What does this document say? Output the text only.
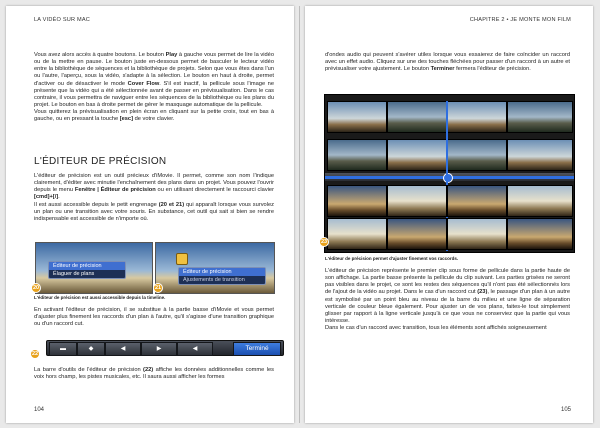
LA VIDÉO SUR MAC
Vous avez alors accès à quatre boutons. Le bouton Play à gauche vous permet de lire la vidéo ou de la mettre en pause. Le bouton juste en-dessous permet de basculer le lecteur vidéo entre la bibliothèque de séquences et la bibliothèque de projets. Selon que vous êtes dans l'un ou l'autre, l'aperçu, sous la vidéo, s'adapte à la sélection. Le bouton en haut à droite, permet d'activer ou de désactiver le mode Cover Flow. S'il est inactif, la pellicule sous l'image ne présente que la vidéo qui a été sélectionnée avant de passer en prévisualisation. Dans le cas contraire, il vous permettra de naviguer entre les séquences de la bibliothèque ou les plans du projet. Le bouton en bas à droite permet de gérer le masquage automatique de la pellicule.
Vous quitterez la prévisualisation en plein écran en cliquant sur la petite croix, tout en bas à gauche, ou en pressant la touche [esc] de votre clavier.
L'ÉDITEUR DE PRÉCISION
L'éditeur de précision est un outil précieux d'iMovie. Il permet, comme son nom l'indique clairement, d'éditer avec minutie l'enchaînement des plans dans un projet. Vous pouvez l'ouvrir depuis le menu Fenêtre | Éditeur de précision ou en utilisant directement le raccourci clavier [cmd]+[/].
Il est aussi accessible depuis le petit engrenage (20 et 21) qui apparaît lorsque vous survolez un plan ou une transition avec votre souris. En substance, cet outil qui sait si bien se rendre indispensable est accessible de n'importe où.
Éditeur de précision
Élaguer de plans
20
Éditeur de précision
Ajustements de transition
21
L'éditeur de précision est aussi accessible depuis la timeline.
En activant l'éditeur de précision, il se substitue à la partie basse d'iMovie et vous permet d'ajuster plus finement les raccords d'un plan à l'autre, qu'il s'agisse d'une transition graphique ou d'un raccord cut.
▬	◆	◀	▶	◀	Terminé
22
La barre d'outils de l'éditeur de précision (22) affiche les données additionnelles comme les voix hors champ, les pistes musicales, etc. Il saura aussi afficher les formes
104
CHAPITRE 2 • JE MONTE MON FILM
d'ondes audio qui peuvent s'avérer utiles lorsque vous essaierez de faire coïncider un raccord avec un effet audio. Cliquez sur une des touches fléchées pour passer d'un raccord à un autre et prévisualiser votre ajustement. Le bouton Terminer fermera l'éditeur de précision.
23
L'éditeur de précision permet d'ajuster finement vos raccords.
L'éditeur de précision représente le premier clip sous forme de pellicule dans la partie haute de son affichage. La partie basse présente la pellicule du clip suivant. Les parties grisées ne seront pas visibles dans le projet, ce sont les restes des séquences qu'il n'ont pas été sélectionnés lors de l'ajout de la vidéo au projet. Dans le cas d'un raccord cut (23), le passage d'un plan à un autre est symbolisé par un point bleu au niveau de la barre du milieu et une ligne de séparation verticale de couleur bleue également. Pour ajuster un de vos plans, faites-le tout simplement glisser par rapport à la ligne verticale jusqu'à ce que vous ne conserviez que la partie qui vous intéresse.
Dans le cas d'un raccord avec transition, tous les éléments sont affichés soigneusement
105
